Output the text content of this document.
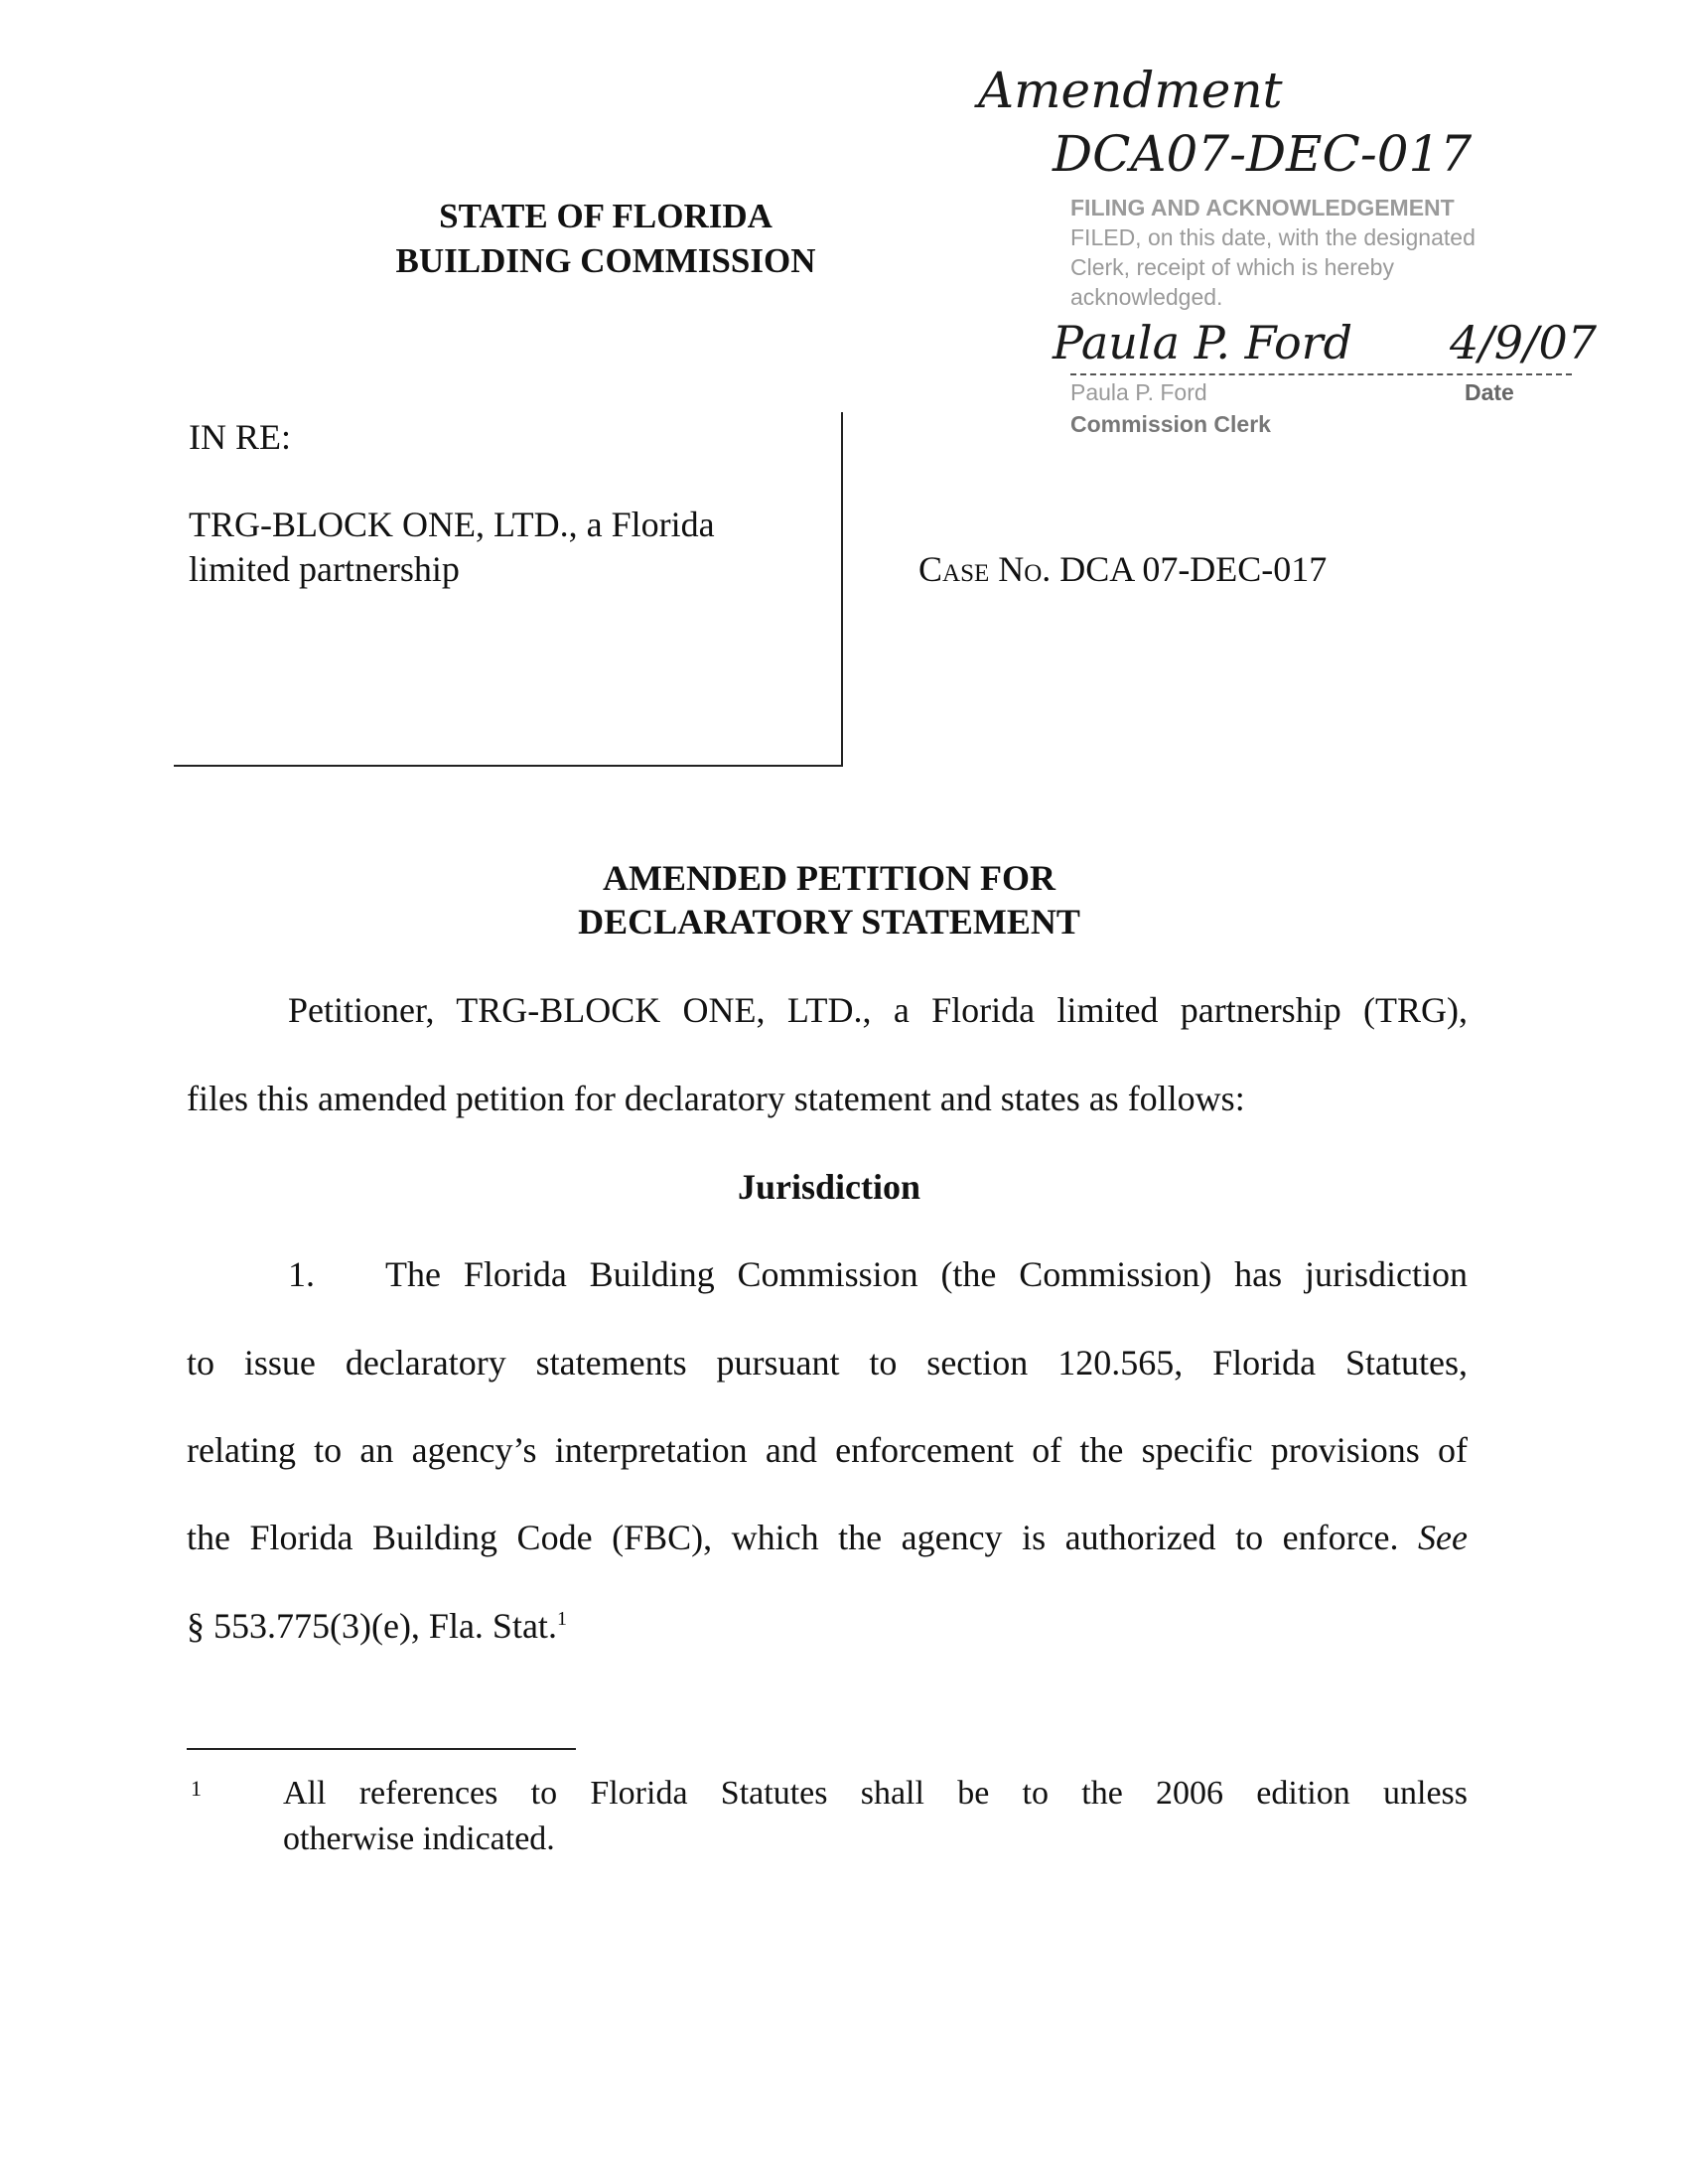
STATE OF FLORIDA
BUILDING COMMISSION
Amendment
DCA07-DEC-017
FILING AND ACKNOWLEDGEMENT
FILED, on this date, with the designated
Clerk, receipt of which is hereby
acknowledged.
Paula P. Ford 4/9/07
Paula P. Ford	Date
Commission Clerk
IN RE:
TRG-BLOCK ONE, LTD., a Florida
limited partnership	Case No. DCA 07-DEC-017
AMENDED PETITION FOR
DECLARATORY STATEMENT
Petitioner, TRG-BLOCK ONE, LTD., a Florida limited partnership (TRG),
files this amended petition for declaratory statement and states as follows:
Jurisdiction
1. The Florida Building Commission (the Commission) has jurisdiction
to issue declaratory statements pursuant to section 120.565, Florida Statutes,
relating to an agency’s interpretation and enforcement of the specific provisions of
the Florida Building Code (FBC), which the agency is authorized to enforce. See
§ 553.775(3)(e), Fla. Stat.$^1$
1 All references to Florida Statutes shall be to the 2006 edition unless
otherwise indicated.
